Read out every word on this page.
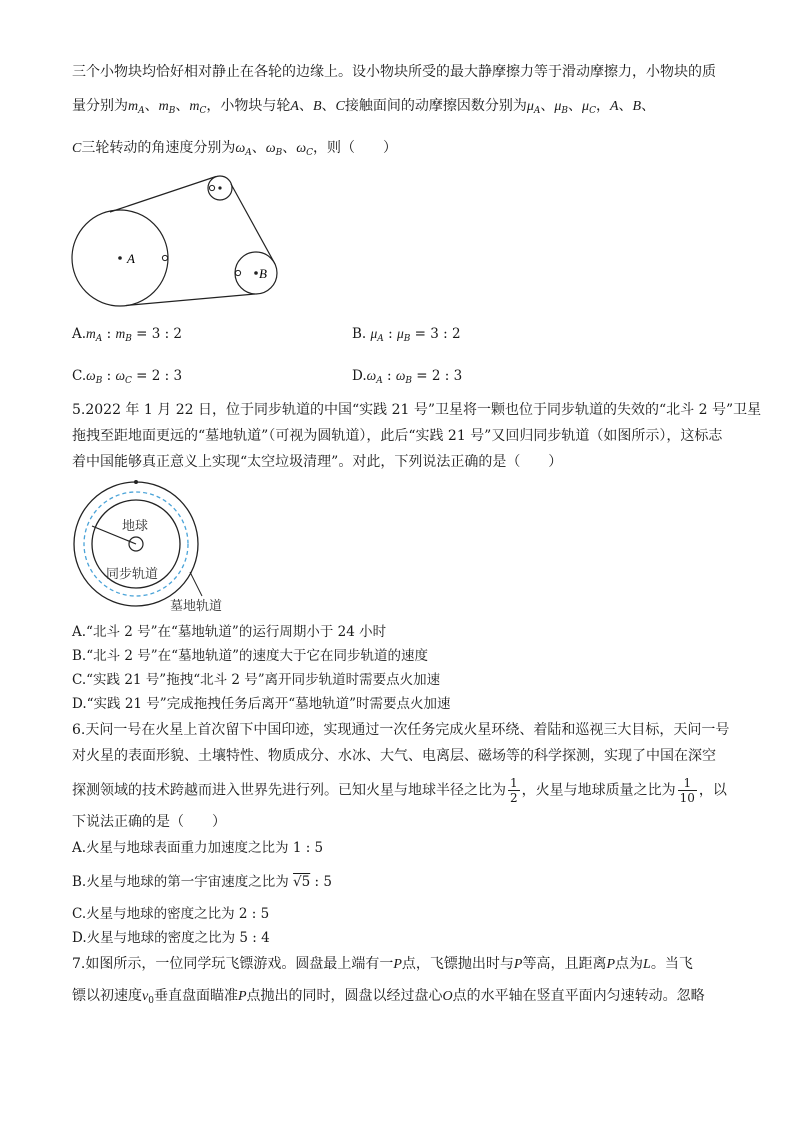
三个小物块均恰好相对静止在各轮的边缘上。设小物块所受的最大静摩擦力等于滑动摩擦力，小物块的质
量分别为$m_A$、$m_B$、$m_C$，小物块与轮A、B、C接触面间的动摩擦因数分别为$\mu_A$、$\mu_B$、$\mu_C$，A、B、
C三轮转动的角速度分别为$\omega_A$、$\omega_B$、$\omega_C$，则（　　）
A
B
$A.m_A$ : $m_B = 3$ : 2	B. $\mu_A$ : $\mu_B = 3$ : 2
$C.\omega_B$ : $\omega_C = 2$ : 3	$D.\omega_A$ : $\omega_B = 2$ : 3
5.2022 年 1 月 22 日，位于同步轨道的中国“实践 21 号”卫星将一颗也位于同步轨道的失效的“北斗 2 号”卫星
拖拽至距地面更远的“墓地轨道”（可视为圆轨道），此后“实践 21 号”又回归同步轨道（如图所示），这标志
着中国能够真正意义上实现“太空垃圾清理”。对此，下列说法正确的是（　　）
地球
同步轨道
墓地轨道
A.“北斗 2 号”在“墓地轨道”的运行周期小于 24 小时
B.“北斗 2 号”在“墓地轨道”的速度大于它在同步轨道的速度
C.“实践 21 号”拖拽“北斗 2 号”离开同步轨道时需要点火加速
D.“实践 21 号”完成拖拽任务后离开“墓地轨道”时需要点火加速
6.天问一号在火星上首次留下中国印迹，实现通过一次任务完成火星环绕、着陆和巡视三大目标，天问一号
对火星的表面形貌、土壤特性、物质成分、水冰、大气、电离层、磁场等的科学探测，实现了中国在深空
探测领域的技术跨越而进入世界先进行列。已知火星与地球半径之比为 $\frac{1}{2}$ ，火星与地球质量之比为 $\frac{1}{10}$ ，以
下说法正确的是（　　）
A.火星与地球表面重力加速度之比为 1 : 5
B.火星与地球的第一宇宙速度之比为 √5 : 5
C.火星与地球的密度之比为 2 : 5
D.火星与地球的密度之比为 5 : 4
7.如图所示，一位同学玩飞镖游戏。圆盘最上端有一P点，飞镖抛出时与P等高，且距离P点为L。当飞
镖以初速度$v_0$垂直盘面瞄准P点抛出的同时，圆盘以经过盘心O点的水平轴在竖直平面内匀速转动。忽略
